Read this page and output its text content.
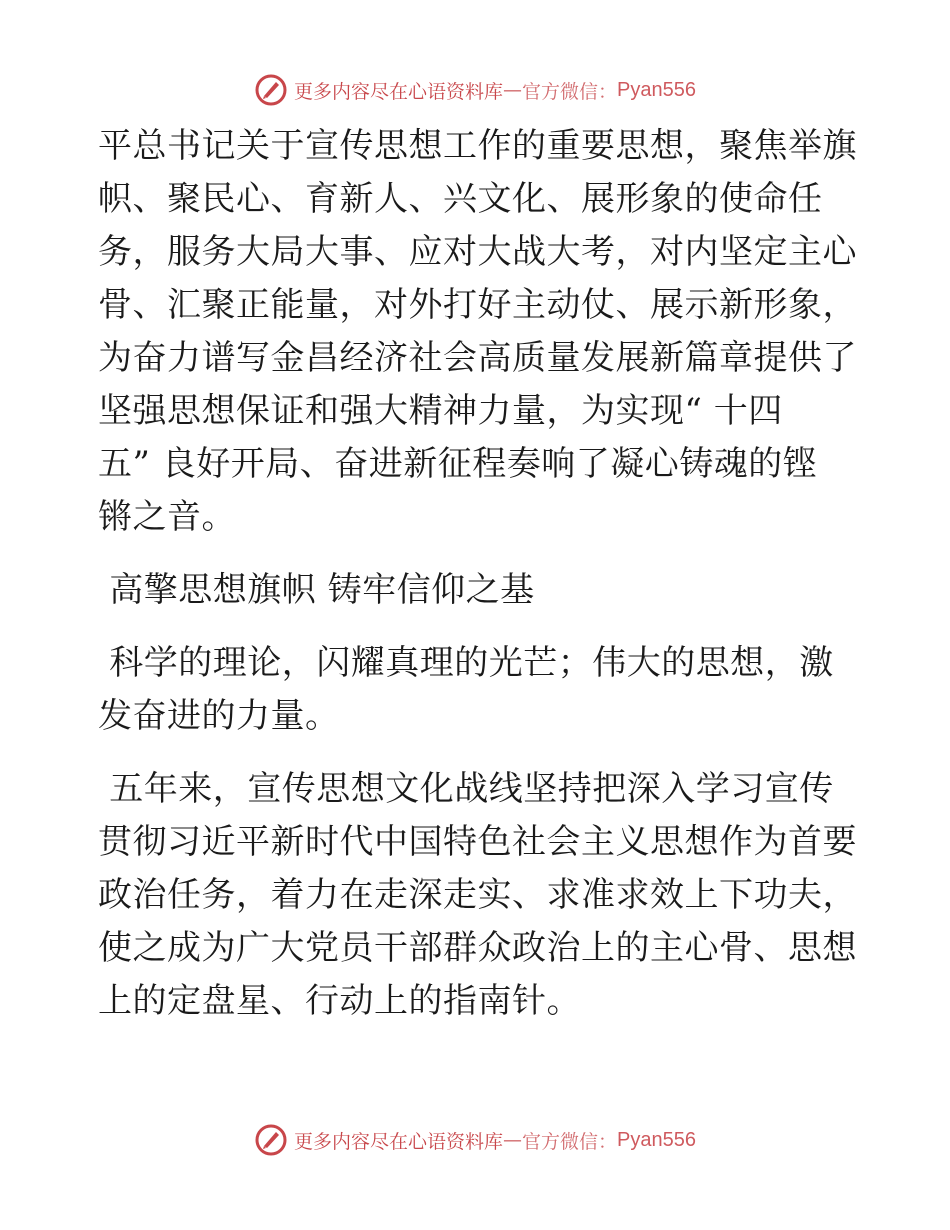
更多内容尽在心语资料库 — 官方微信： Pyan556

平总书记关于宣传思想工作的重要思想，聚焦举旗
帜、聚民心、育新人、兴文化、展形象的使命任
务，服务大局大事、应对大战大考，对内坚定主心
骨、汇聚正能量，对外打好主动仗、展示新形象，
为奋力谱写金昌经济社会高质量发展新篇章提供了
坚强思想保证和强大精神力量，为实现“ 十四
五” 良好开局、奋进新征程奏响了凝心铸魂的铿
锵之音。

高擎思想旗帜 铸牢信仰之基

科学的理论，闪耀真理的光芒；伟大的思想，激
发奋进的力量。

五年来，宣传思想文化战线坚持把深入学习宣传
贯彻习近平新时代中国特色社会主义思想作为首要
政治任务，着力在走深走实、求准求效上下功夫，
使之成为广大党员干部群众政治上的主心骨、思想
上的定盘星、行动上的指南针。

更多内容尽在心语资料库 — 官方微信： Pyan556
